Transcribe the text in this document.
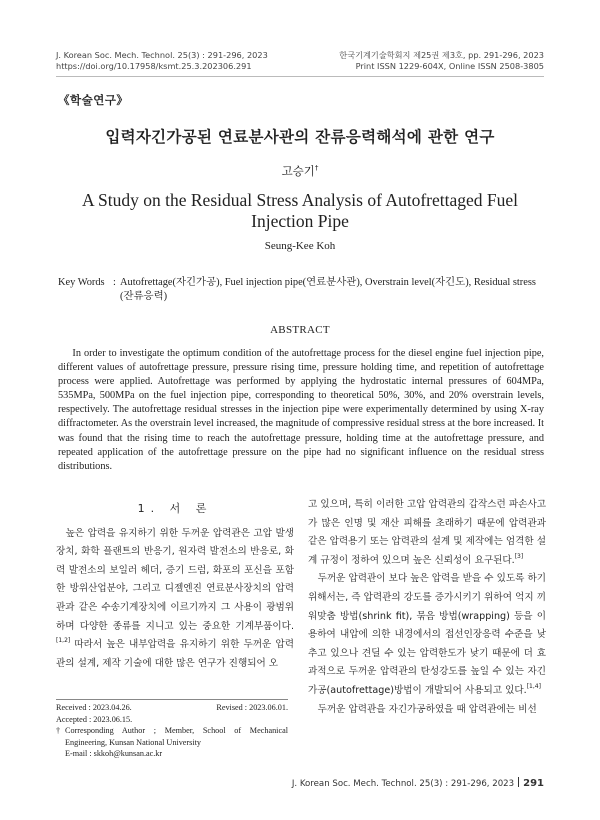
J. Korean Soc. Mech. Technol. 25(3) : 291-296, 2023
https://doi.org/10.17958/ksmt.25.3.202306.291
한국기계기술학회지 제25권 제3호, pp. 291-296, 2023
Print ISSN 1229-604X, Online ISSN 2508-3805
《학술연구》
입력자긴가공된 연료분사관의 잔류응력해석에 관한 연구
고승기†
A Study on the Residual Stress Analysis of Autofrettaged Fuel Injection Pipe
Seung-Kee Koh
Key Words : Autofrettage(자긴가공), Fuel injection pipe(연료분사관), Overstrain level(자긴도), Residual stress (잔류응력)
ABSTRACT
In order to investigate the optimum condition of the autofrettage process for the diesel engine fuel injection pipe, different values of autofrettage pressure, pressure rising time, pressure holding time, and repetition of autofrettage process were applied. Autofrettage was performed by applying the hydrostatic internal pressures of 604MPa, 535MPa, 500MPa on the fuel injection pipe, corresponding to theoretical 50%, 30%, and 20% overstrain levels, respectively. The autofrettage residual stresses in the injection pipe were experimentally determined by using X-ray diffractometer. As the overstrain level increased, the magnitude of compressive residual stress at the bore increased. It was found that the rising time to reach the autofrettage pressure, holding time at the autofrettage pressure, and repeated application of the autofrettage pressure on the pipe had no significant influence on the residual stress distributions.
1. 서 론

높은 압력을 유지하기 위한 두꺼운 압력관은 고압 발생장치, 화학 플랜트의 반응기, 원자력 발전소의 반응로, 화력 발전소의 보일러 헤더, 증기 드럼, 화포의 포신을 포함한 방위산업분야, 그리고 디젤엔진 연료분사장치의 압력관과 같은 수송기계장치에 이르기까지 그 사용이 광범위하며 다양한 종류를 지니고 있는 중요한 기계부품이다.[1,2] 따라서 높은 내부압력을 유지하기 위한 두꺼운 압력관의 설계, 제작 기술에 대한 많은 연구가 진행되어 오

Received : 2023.04.26.	Revised : 2023.06.01.
Accepted : 2023.06.15.
† Corresponding Author ; Member, School of Mechanical Engineering, Kunsan National University
E-mail : skkoh@kunsan.ac.kr

고 있으며, 특히 이러한 고압 압력관의 갑작스런 파손사고가 많은 인명 및 재산 피해를 초래하기 때문에 압력관과 같은 압력용기 또는 압력관의 설계 및 제작에는 엄격한 설계 규정이 정하여 있으며 높은 신뢰성이 요구된다.[3]

두꺼운 압력관이 보다 높은 압력을 받을 수 있도록 하기 위해서는, 즉 압력관의 강도를 증가시키기 위하여 억지 끼워맞춤 방법(shrink fit), 묶음 방법(wrapping) 등을 이용하여 내압에 의한 내경에서의 접선인장응력 수준을 낮추고 있으나 견딜 수 있는 압력한도가 낮기 때문에 더 효과적으로 두꺼운 압력관의 탄성강도를 높일 수 있는 자긴가공(autofrettage)방법이 개발되어 사용되고 있다.[1,4]

두꺼운 압력관을 자긴가공하였을 때 압력관에는 비선

J. Korean Soc. Mech. Technol. 25(3) : 291-296, 2023 291
